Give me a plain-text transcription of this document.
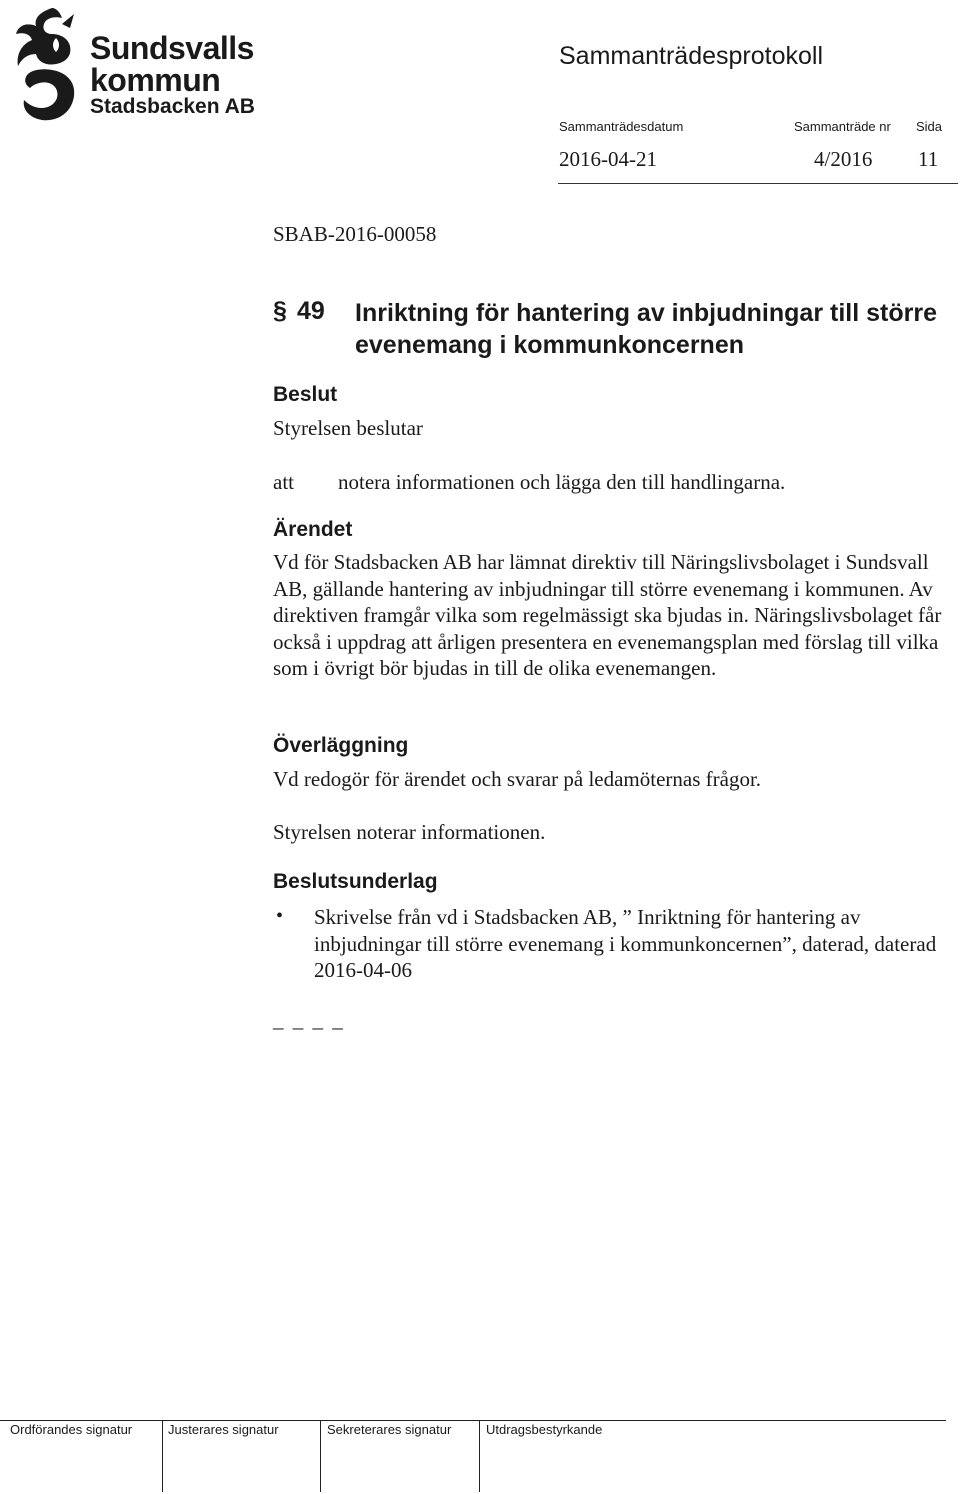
Sundsvalls
kommun
Stadsbacken AB
Sammanträdesprotokoll
Sammanträdesdatum	Sammanträde nr Sida
2016-04-21	4/2016 11
SBAB-2016-00058
§ 49 Inriktning för hantering av inbjudningar till större evenemang i kommunkoncernen
Beslut
Styrelsen beslutar
att notera informationen och lägga den till handlingarna.
Ärendet
Vd för Stadsbacken AB har lämnat direktiv till Näringslivsbolaget i Sundsvall AB, gällande hantering av inbjudningar till större evenemang i kommunen. Av direktiven framgår vilka som regelmässigt ska bjudas in. Näringslivsbolaget får också i uppdrag att årligen presentera en evenemangsplan med förslag till vilka som i övrigt bör bjudas in till de olika evenemangen.
Överläggning
Vd redogör för ärendet och svarar på ledamöternas frågor.
Styrelsen noterar informationen.
Beslutsunderlag
• Skrivelse från vd i Stadsbacken AB, ” Inriktning för hantering av inbjudningar till större evenemang i kommunkoncernen”, daterad, daterad 2016-04-06
_ _ _ _
Ordförandes signatur	Justerares signatur	Sekreterares signatur	Utdragsbestyrkande
